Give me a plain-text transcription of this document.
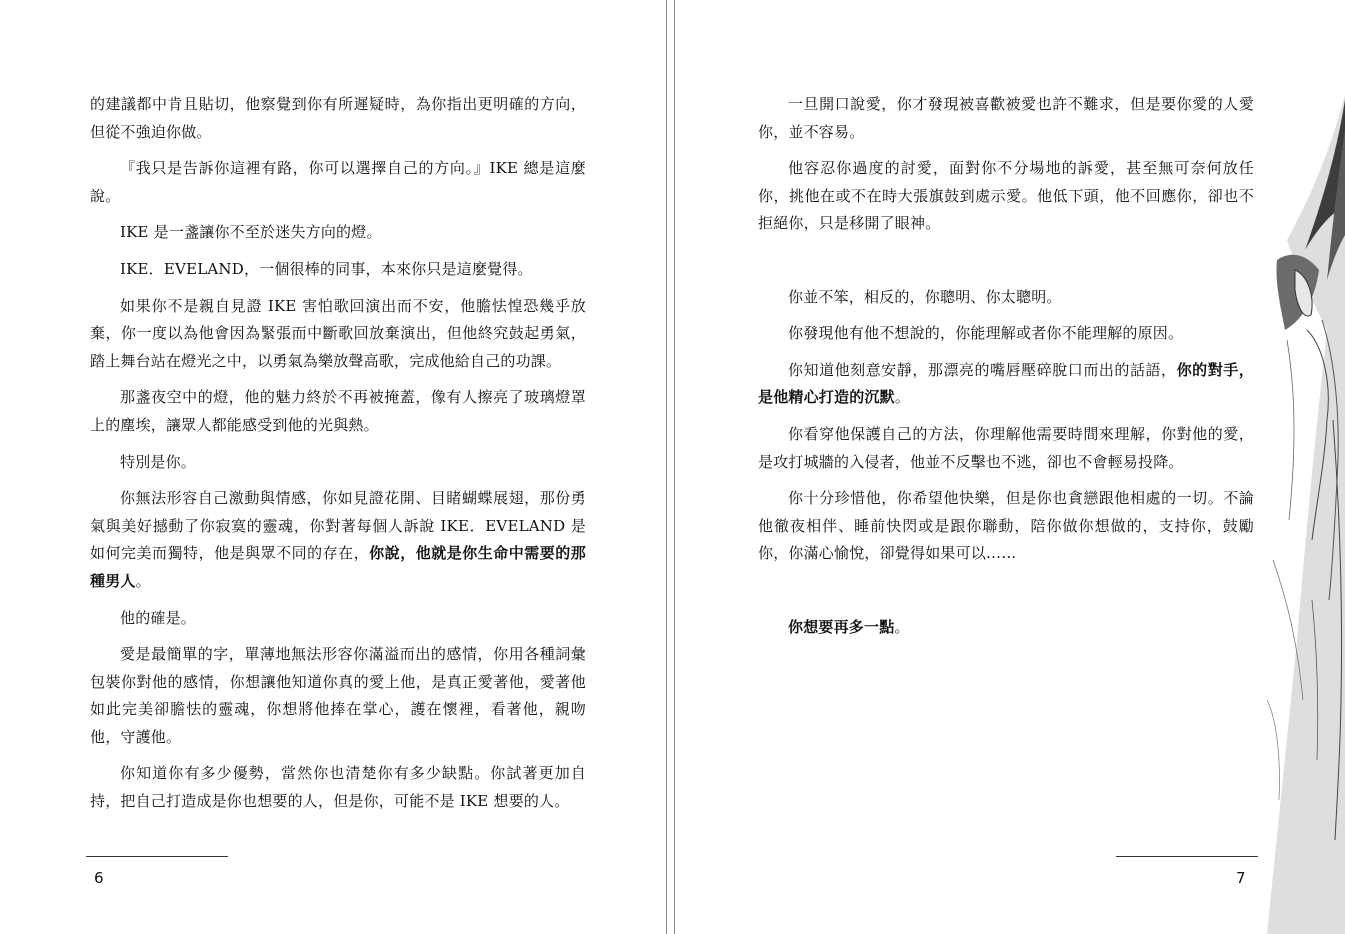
的建議都中肯且貼切，他察覺到你有所遲疑時，為你指出更明確的方向，但從不強迫你做。

『我只是告訴你這裡有路，你可以選擇自己的方向。』IKE 總是這麼說。

IKE 是一盞讓你不至於迷失方向的燈。

IKE．EVELAND，一個很棒的同事，本來你只是這麼覺得。

如果你不是親自見證 IKE 害怕歌回演出而不安，他膽怯惶恐幾乎放棄，你一度以為他會因為緊張而中斷歌回放棄演出，但他終究鼓起勇氣，踏上舞台站在燈光之中，以勇氣為樂放聲高歌，完成他給自己的功課。

那盞夜空中的燈，他的魅力終於不再被掩蓋，像有人擦亮了玻璃燈罩上的塵埃，讓眾人都能感受到他的光與熱。

特別是你。

你無法形容自己激動與情感，你如見證花開、目睹蝴蝶展翅，那份勇氣與美好撼動了你寂寞的靈魂，你對著每個人訴說 IKE．EVELAND 是如何完美而獨特，他是與眾不同的存在，你說，他就是你生命中需要的那種男人。

他的確是。

愛是最簡單的字，單薄地無法形容你滿溢而出的感情，你用各種詞彙包裝你對他的感情，你想讓他知道你真的愛上他，是真正愛著他，愛著他如此完美卻膽怯的靈魂，你想將他捧在掌心，護在懷裡，看著他，親吻他，守護他。

你知道你有多少優勢，當然你也清楚你有多少缺點。你試著更加自持，把自己打造成是你也想要的人，但是你，可能不是 IKE 想要的人。

6

一旦開口說愛，你才發現被喜歡被愛也許不難求，但是要你愛的人愛你，並不容易。

他容忍你過度的討愛，面對你不分場地的訴愛，甚至無可奈何放任你，挑他在或不在時大張旗鼓到處示愛。他低下頭，他不回應你，卻也不拒絕你，只是移開了眼神。

你並不笨，相反的，你聰明、你太聰明。

你發現他有他不想說的，你能理解或者你不能理解的原因。

你知道他刻意安靜，那漂亮的嘴唇壓碎脫口而出的話語，你的對手，是他精心打造的沉默。

你看穿他保護自己的方法，你理解他需要時間來理解，你對他的愛，是攻打城牆的入侵者，他並不反擊也不逃，卻也不會輕易投降。

你十分珍惜他，你希望他快樂，但是你也貪戀跟他相處的一切。不論他徹夜相伴、睡前快閃或是跟你聯動，陪你做你想做的，支持你，鼓勵你，你滿心愉悅，卻覺得如果可以……

你想要再多一點。

7
